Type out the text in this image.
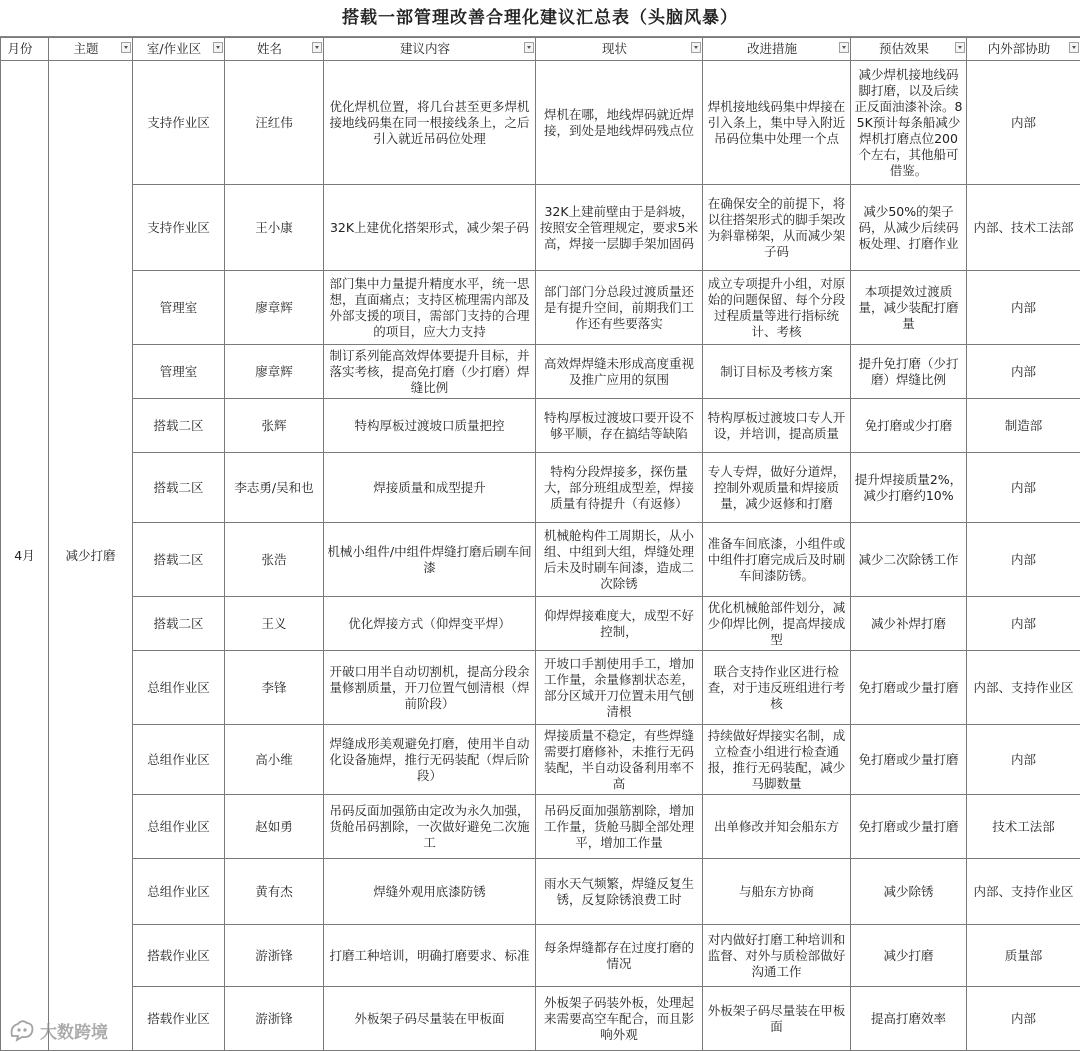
搭载一部管理改善合理化建议汇总表（头脑风暴）
月份	主题	室/作业区	姓名	建议内容	现状	改进措施	预估效果	内外部协助

4月	减少打磨	支持作业区	汪红伟	优化焊机位置，将几台甚至更多焊机接地线码集在同一根接线条上，之后引入就近吊码位处理	焊机在哪，地线焊码就近焊接，到处是地线焊码残点位	焊机接地线码集中焊接在引入条上，集中导入附近吊码位集中处理一个点	减少焊机接地线码脚打磨，以及后续正反面油漆补涂。85K预计每条船减少焊机打磨点位200个左右，其他船可借鉴。	内部
		支持作业区	王小康	32K上建优化搭架形式，减少架子码	32K上建前壁由于是斜坡，按照安全管理规定，要求5米高，焊接一层脚手架加固码	在确保安全的前提下，将以往搭架形式的脚手架改为斜靠梯架，从而减少架子码	减少50%的架子码，从减少后续码板处理、打磨作业	内部、技术工法部
		管理室	廖章辉	部门集中力量提升精度水平，统一思想，直面痛点；支持区梳理需内部及外部支援的项目，需部门支持的合理的项目，应大力支持	部门部门分总段过渡质量还是有提升空间，前期我们工作还有些要落实	成立专项提升小组，对原始的问题保留、每个分段过程质量等进行指标统计、考核	本项提效过渡质量，减少装配打磨量	内部
		管理室	廖章辉	制订系列能高效焊体要提升目标，并落实考核，提高免打磨（少打磨）焊缝比例	高效焊焊缝未形成高度重视及推广应用的氛围	制订目标及考核方案	提升免打磨（少打磨）焊缝比例	内部
		搭载二区	张辉	特构厚板过渡坡口质量把控	特构厚板过渡坡口要开设不够平顺，存在搞结等缺陷	特构厚板过渡坡口专人开设，并培训，提高质量	免打磨或少打磨	制造部
		搭载二区	李志勇/吴和也	焊接质量和成型提升	特构分段焊接多，探伤量大，部分班组成型差，焊接质量有待提升（有返修）	专人专焊，做好分道焊，控制外观质量和焊接质量，减少返修和打磨	提升焊接质量2%，减少打磨约10%	内部
		搭载二区	张浩	机械小组件/中组件焊缝打磨后刷车间漆	机械舱构件工周期长，从小组、中组到大组，焊缝处理后未及时刷车间漆，造成二次除锈	准备车间底漆，小组件或中组件打磨完成后及时刷车间漆防锈。	减少二次除锈工作	内部
		搭载二区	王义	优化焊接方式（仰焊变平焊）	仰焊焊接难度大，成型不好控制，	优化机械舱部件划分，减少仰焊比例，提高焊接成型	减少补焊打磨	内部
		总组作业区	李锋	开破口用半自动切割机，提高分段余量修割质量，开刀位置气刨清根（焊前阶段）	开坡口手割使用手工，增加工作量，余量修割状态差，部分区域开刀位置未用气刨清根	联合支持作业区进行检查，对于违反班组进行考核	免打磨或少量打磨	内部、支持作业区
		总组作业区	高小维	焊缝成形美观避免打磨，使用半自动化设备施焊，推行无码装配（焊后阶段）	焊接质量不稳定，有些焊缝需要打磨修补，未推行无码装配，半自动设备利用率不高	持续做好焊接实名制，成立检查小组进行检查通报，推行无码装配，减少马脚数量	免打磨或少量打磨	内部
		总组作业区	赵如勇	吊码反面加强筋由定改为永久加强，货舱吊码割除，一次做好避免二次施工	吊码反面加强筋割除，增加工作量，货舱马脚全部处理平，增加工作量	出单修改并知会船东方	免打磨或少量打磨	技术工法部
		总组作业区	黄有杰	焊缝外观用底漆防锈	雨水天气频繁，焊缝反复生锈，反复除锈浪费工时	与船东方协商	减少除锈	内部、支持作业区
		搭载作业区	游浙锋	打磨工种培训，明确打磨要求、标准	每条焊缝都存在过度打磨的情况	对内做好打磨工种培训和监督、对外与质检部做好沟通工作	减少打磨	质量部
		搭载作业区	游浙锋	外板架子码尽量装在甲板面	外板架子码装外板，处理起来需要高空车配合，而且影响外观	外板架子码尽量装在甲板面	提高打磨效率	内部
大数跨境
